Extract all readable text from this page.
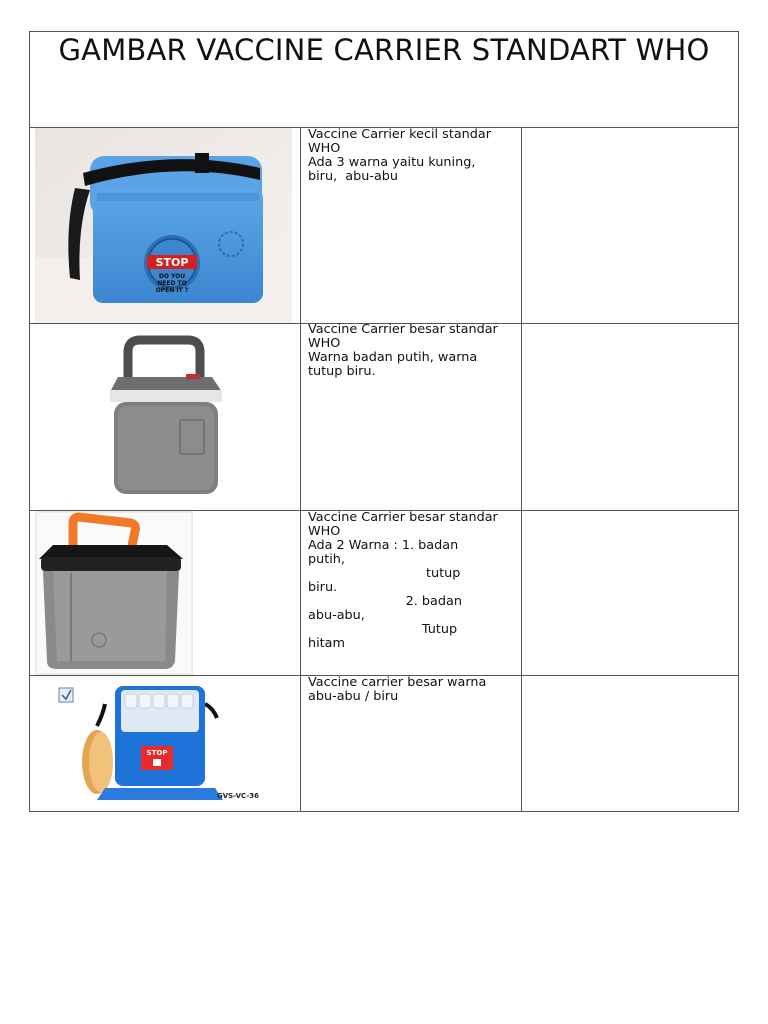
GAMBAR VACCINE CARRIER STANDART WHO
STOP
DO YOU
NEED TO
OPEN IT ?
Vaccine Carrier kecil standar
WHO
Ada 3 warna yaitu kuning,
biru,  abu-abu
Vaccine Carrier besar standar
WHO
Warna badan putih, warna
tutup biru.
Vaccine Carrier besar standar
WHO
Ada 2 Warna : 1. badan
putih,
tutup
biru.
2. badan
abu-abu,
Tutup
hitam
STOP
GVS-VC-36
Vaccine carrier besar warna
abu-abu / biru
